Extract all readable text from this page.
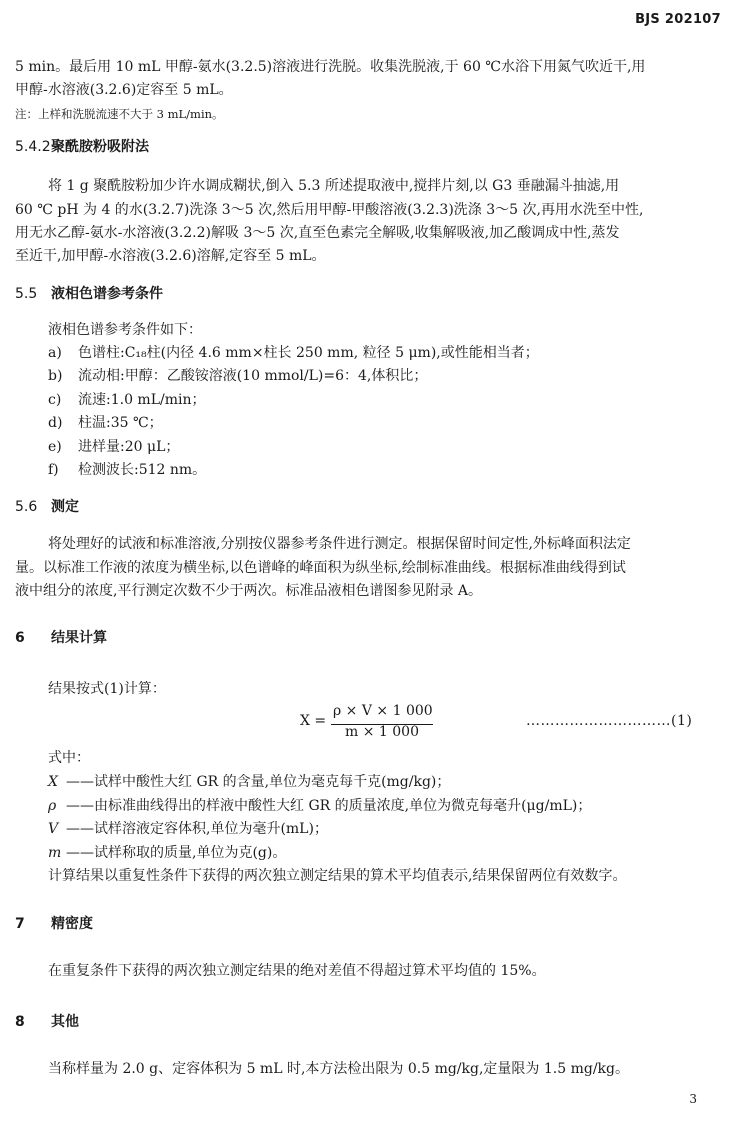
BJS 202107
5 min。最后用 10 mL 甲醇-氨水(3.2.5)溶液进行洗脱。收集洗脱液,于 60 ℃水浴下用氮气吹近干,用
甲醇-水溶液(3.2.6)定容至 5 mL。
注：上样和洗脱流速不大于 3 mL/min。
5.4.2聚酰胺粉吸附法
将 1 g 聚酰胺粉加少许水调成糊状,倒入 5.3 所述提取液中,搅拌片刻,以 G3 垂融漏斗抽滤,用
60 ℃ pH 为 4 的水(3.2.7)洗涤 3～5 次,然后用甲醇-甲酸溶液(3.2.3)洗涤 3～5 次,再用水洗至中性,
用无水乙醇-氨水-水溶液(3.2.2)解吸 3～5 次,直至色素完全解吸,收集解吸液,加乙酸调成中性,蒸发
至近干,加甲醇-水溶液(3.2.6)溶解,定容至 5 mL。
5.5 液相色谱参考条件
液相色谱参考条件如下：
a) 色谱柱:C₁₈柱(内径 4.6 mm×柱长 250 mm, 粒径 5 μm),或性能相当者；
b) 流动相:甲醇：乙酸铵溶液(10 mmol/L)=6：4,体积比；
c) 流速:1.0 mL/min；
d) 柱温:35 ℃；
e) 进样量:20 μL；
f) 检测波长:512 nm。
5.6 测定
将处理好的试液和标准溶液,分别按仪器参考条件进行测定。根据保留时间定性,外标峰面积法定
量。以标准工作液的浓度为横坐标,以色谱峰的峰面积为纵坐标,绘制标准曲线。根据标准曲线得到试
液中组分的浓度,平行测定次数不少于两次。标准品液相色谱图参见附录 A。
6 结果计算
结果按式(1)计算：
X =
ρ × V × 1 000
m × 1 000
…………………………(1)
式中：
X ——试样中酸性大红 GR 的含量,单位为毫克每千克(mg/kg)；
ρ ——由标准曲线得出的样液中酸性大红 GR 的质量浓度,单位为微克每毫升(μg/mL)；
V ——试样溶液定容体积,单位为毫升(mL)；
m ——试样称取的质量,单位为克(g)。
计算结果以重复性条件下获得的两次独立测定结果的算术平均值表示,结果保留两位有效数字。
7 精密度
在重复条件下获得的两次独立测定结果的绝对差值不得超过算术平均值的 15%。
8 其他
当称样量为 2.0 g、定容体积为 5 mL 时,本方法检出限为 0.5 mg/kg,定量限为 1.5 mg/kg。
3
